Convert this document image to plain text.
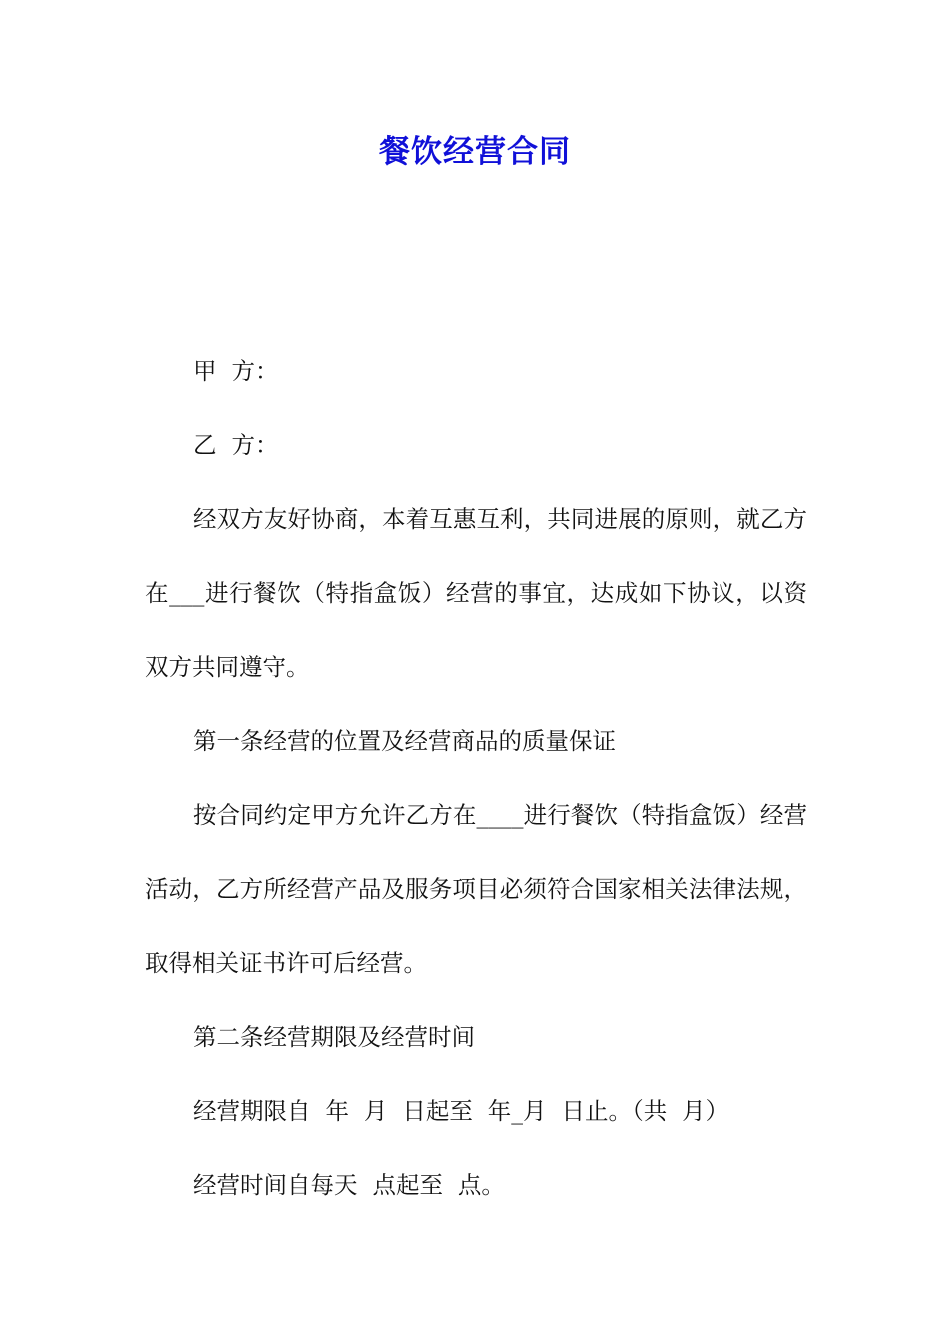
餐饮经营合同

甲  方：

乙  方：

经双方友好协商，本着互惠互利，共同进展的原则，就乙方在___进行餐饮（特指盒饭）经营的事宜，达成如下协议，以资双方共同遵守。

第一条经营的位置及经营商品的质量保证

按合同约定甲方允许乙方在____进行餐饮（特指盒饭）经营活动，乙方所经营产品及服务项目必须符合国家相关法律法规，取得相关证书许可后经营。

第二条经营期限及经营时间

经营期限自  年  月  日起至  年_月  日止。（共  月）

经营时间自每天  点起至  点。
